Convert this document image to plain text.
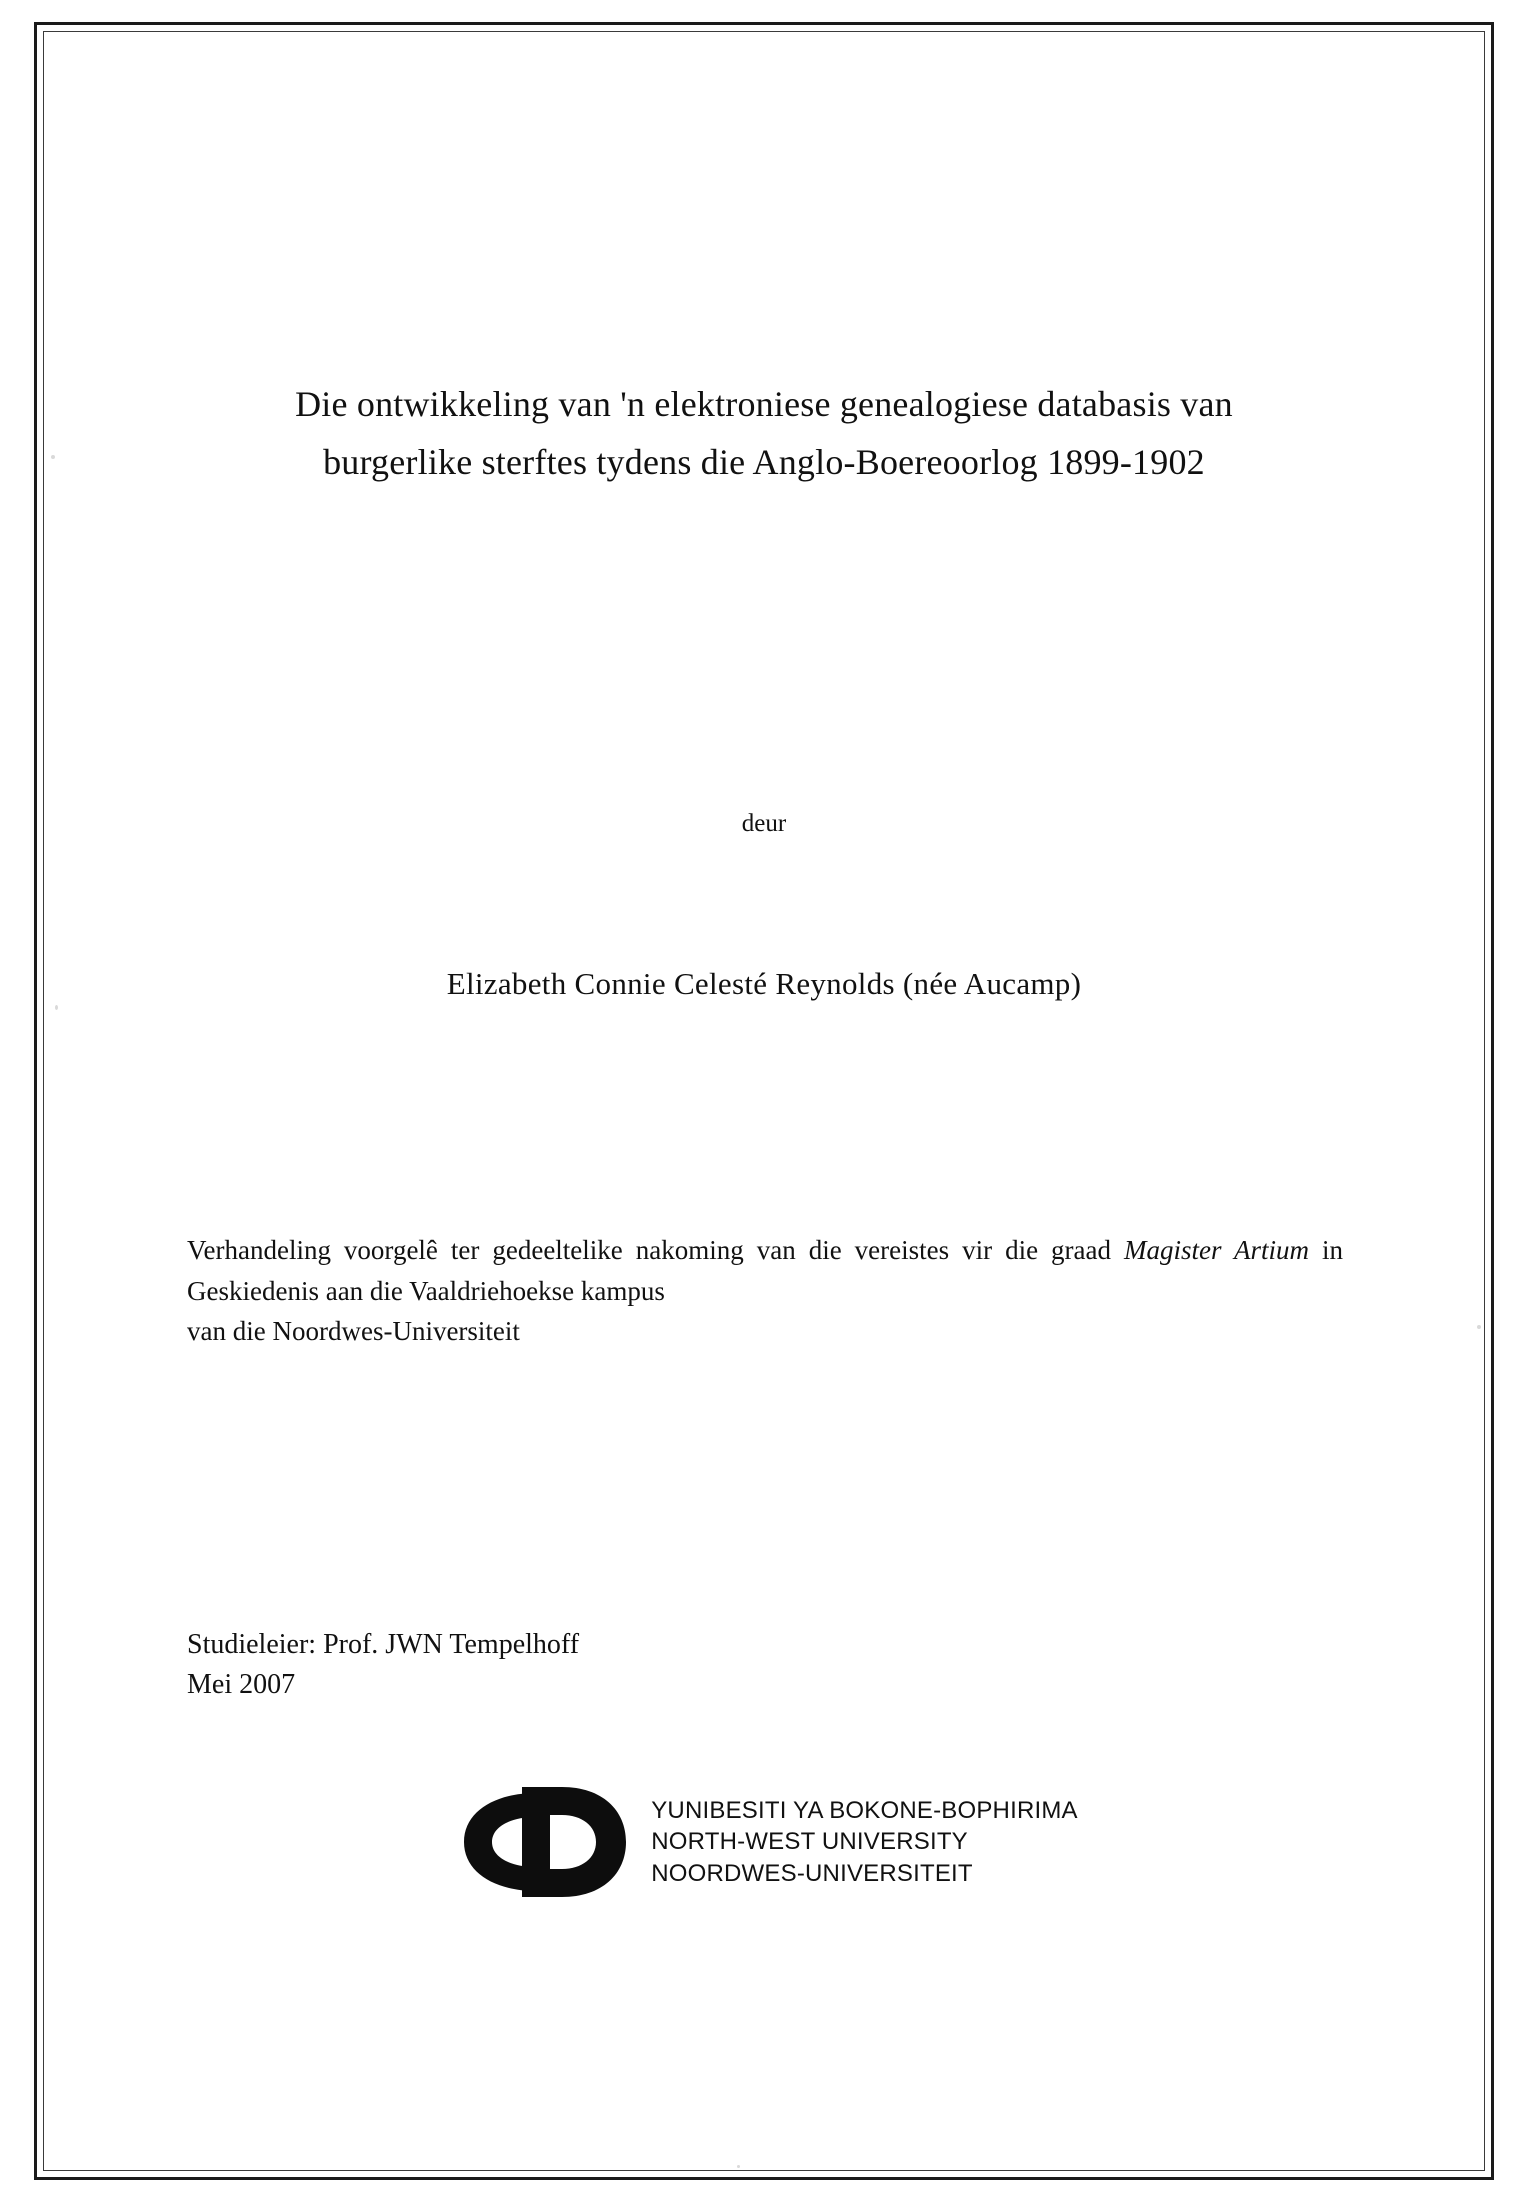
Die ontwikkeling van 'n elektroniese genealogiese databasis van
burgerlike sterftes tydens die Anglo-Boereoorlog 1899-1902
deur
Elizabeth Connie Celesté Reynolds (née Aucamp)
Verhandeling voorgelê ter gedeeltelike nakoming van die vereistes vir die graad Magister Artium in Geskiedenis aan die Vaaldriehoekse kampus
van die Noordwes-Universiteit
Studieleier: Prof. JWN Tempelhoff
Mei 2007
YUNIBESITI YA BOKONE-BOPHIRIMA
NORTH-WEST UNIVERSITY
NOORDWES-UNIVERSITEIT
